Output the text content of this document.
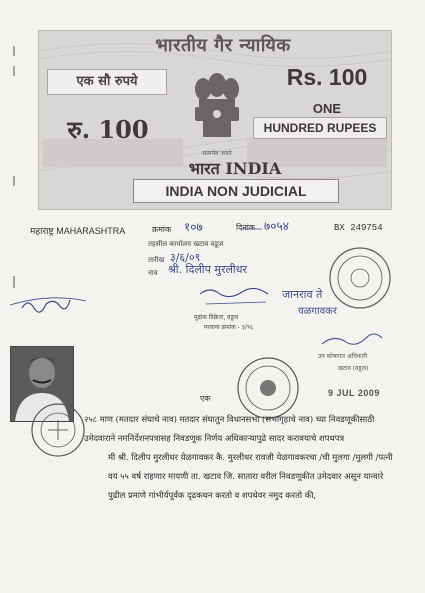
भारतीय गैर न्यायिक
एक सौ रुपये	Rs. 100
ONE
HUNDRED RUPEES
रु. 100
सत्यमेव जयते
भारत INDIA
INDIA NON JUDICIAL
महाराष्ट्र MAHARASHTRA	क्रमांक १०७	दिनांक ७०५४	BX 249754
तहसील कार्यालय खटाव वडूज
तारीख ३/६/०९
नाव श्री. दिलीप मुरलीधर
जानराव ते
यळगावकर
मुद्रांक विक्रेता, वडूज
परवाना क्रमांक - ३/९६
उप कोषागार अधिकारी
खटाव (वडूज)
9 JUL 2009
एक

२५८ माण (मतदार संघाचे नाव) मतदार संघातुन विधानसभा (सभागृहाचे नाव) च्या निवडणूकीसाठी उमेदवाराने नमनिर्देशनपत्रासह निवडणूक निर्णय अधिकाऱ्यापुढे सादर करावयाचे शपथपत्र

मी श्री. दिलीप मुरलीधर येळगावकर कै. मुरलीधर रावजी येळगावकरचा /ची मुलगा /मुलगी /पत्नी वय ५५ वर्ष राहणार मायणी ता. खटाव जि. सातारा वरील निवडणूकीत उमेदवार असून यान्वारे पुढील प्रमाणे गांभीर्यपूर्वक दृढकथन करतो व शपथेवर नमुद करतो की,
